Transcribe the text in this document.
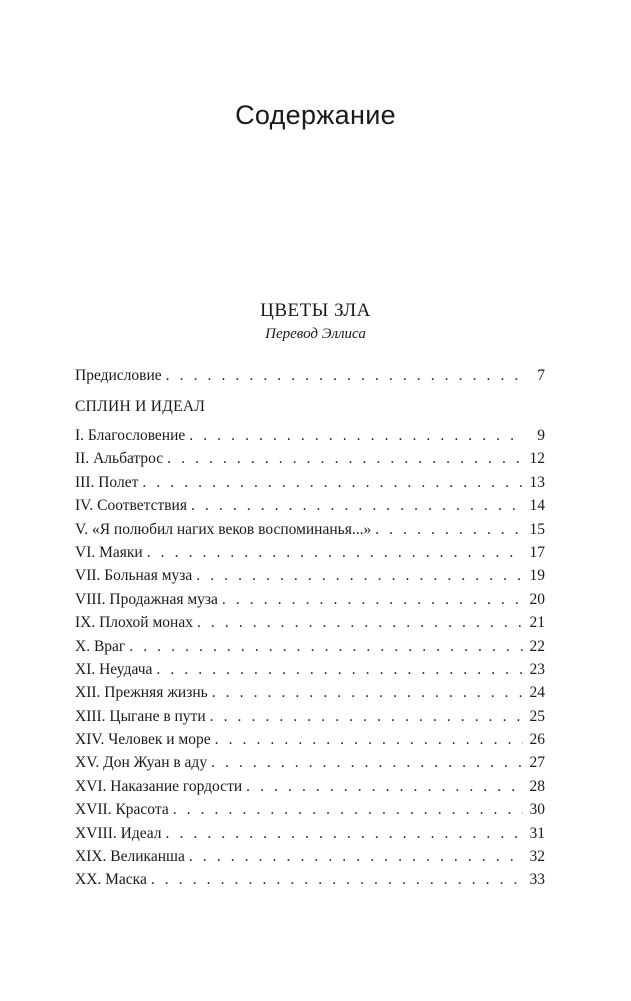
Содержание
ЦВЕТЫ ЗЛА
Перевод Эллиса
Предисловие . . .	7
СПЛИН И ИДЕАЛ
I. Благословение . . .	9
II. Альбатрос . . .	12
III. Полет . . .	13
IV. Соответствия . . .	14
V. «Я полюбил нагих веков воспоминанья...» . . .	15
VI. Маяки . . .	17
VII. Больная муза . . .	19
VIII. Продажная муза . . .	20
IX. Плохой монах . . .	21
X. Враг . . .	22
XI. Неудача . . .	23
XII. Прежняя жизнь . . .	24
XIII. Цыгане в пути . . .	25
XIV. Человек и море . . .	26
XV. Дон Жуан в аду . . .	27
XVI. Наказание гордости . . .	28
XVII. Красота . . .	30
XVIII. Идеал . . .	31
XIX. Великанша . . .	32
XX. Маска . . .	33
